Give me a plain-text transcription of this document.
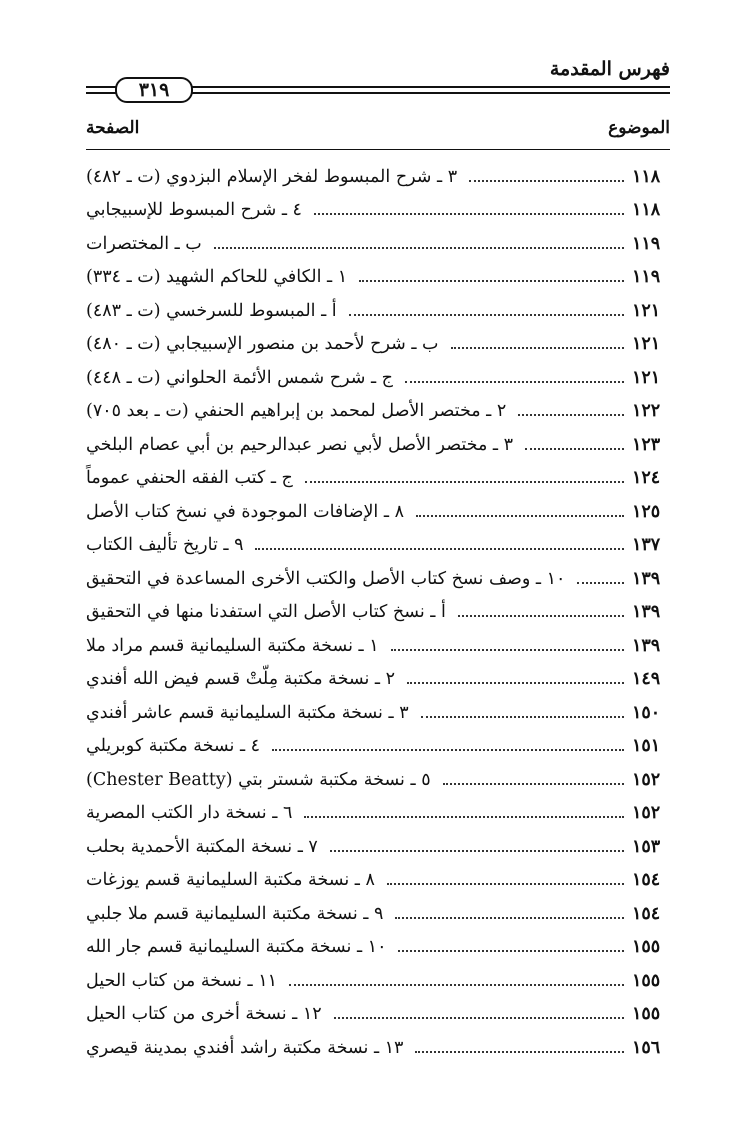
فهرس المقدمة
٣١٩
الصفحة	الموضوع
٣ ـ شرح المبسوط لفخر الإسلام البزدوي (ت ـ ٤٨٢)	١١٨
٤ ـ شرح المبسوط للإسبيجابي	١١٨
ب ـ المختصرات	١١٩
١ ـ الكافي للحاكم الشهيد (ت ـ ٣٣٤)	١١٩
أ ـ المبسوط للسرخسي (ت ـ ٤٨٣)	١٢١
ب ـ شرح لأحمد بن منصور الإسبيجابي (ت ـ ٤٨٠)	١٢١
ج ـ شرح شمس الأئمة الحلواني (ت ـ ٤٤٨)	١٢١
٢ ـ مختصر الأصل لمحمد بن إبراهيم الحنفي (ت ـ بعد ٧٠٥)	١٢٢
٣ ـ مختصر الأصل لأبي نصر عبدالرحيم بن أبي عصام البلخي	١٢٣
ج ـ كتب الفقه الحنفي عموماً	١٢٤
٨ ـ الإضافات الموجودة في نسخ كتاب الأصل	١٢٥
٩ ـ تاريخ تأليف الكتاب	١٣٧
١٠ ـ وصف نسخ كتاب الأصل والكتب الأخرى المساعدة في التحقيق	١٣٩
أ ـ نسخ كتاب الأصل التي استفدنا منها في التحقيق	١٣٩
١ ـ نسخة مكتبة السليمانية قسم مراد ملا	١٣٩
٢ ـ نسخة مكتبة مِلّتْ قسم فيض الله أفندي	١٤٩
٣ ـ نسخة مكتبة السليمانية قسم عاشر أفندي	١٥٠
٤ ـ نسخة مكتبة كوبريلي	١٥١
٥ ـ نسخة مكتبة شستر بتي (Chester Beatty)	١٥٢
٦ ـ نسخة دار الكتب المصرية	١٥٢
٧ ـ نسخة المكتبة الأحمدية بحلب	١٥٣
٨ ـ نسخة مكتبة السليمانية قسم يوزغات	١٥٤
٩ ـ نسخة مكتبة السليمانية قسم ملا جلبي	١٥٤
١٠ ـ نسخة مكتبة السليمانية قسم جار الله	١٥٥
١١ ـ نسخة من كتاب الحيل	١٥٥
١٢ ـ نسخة أخرى من كتاب الحيل	١٥٥
١٣ ـ نسخة مكتبة راشد أفندي بمدينة قيصري	١٥٦
